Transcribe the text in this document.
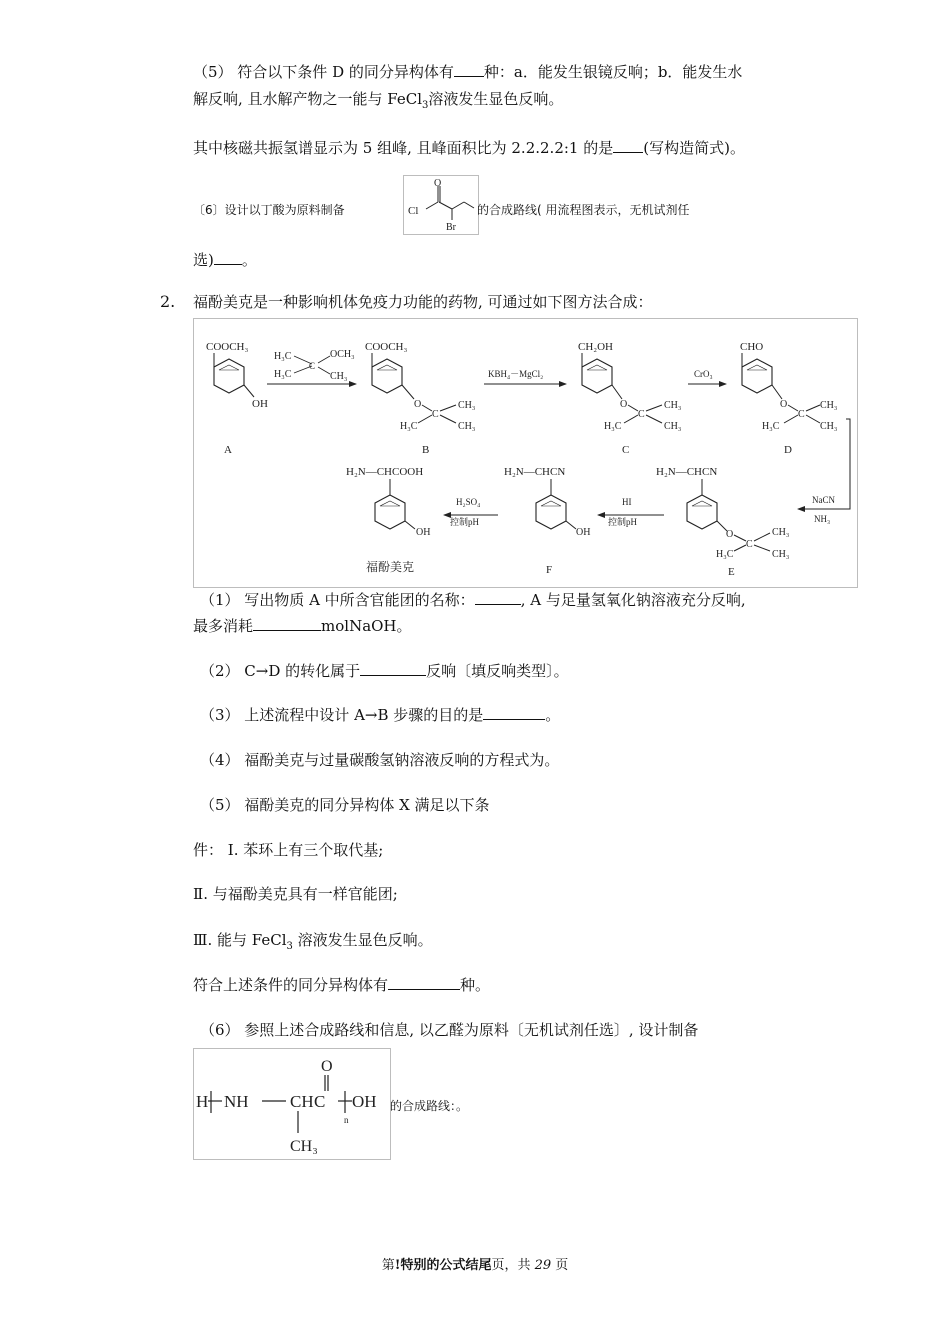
（5） 符合以下条件 D 的同分异构体有 种：a．能发生银镜反响；b．能发生水
解反响, 且水解产物之一能与 FeCl$_3$溶液发生显色反响。
其中核磁共振氢谱显示为 5 组峰, 且峰面积比为 2.2.2.2:1 的是 (写构造简式)。
〔6〕设计以丁酸为原料制备
O
Cl
Br
的合成路线( 用流程图表示，无机试剂任
选) 。
2. 福酚美克是一种影响机体免疫力功能的药物, 可通过如下图方法合成：
COOCH₃
OH
A
H₃C
H₃C
C
OCH₃
CH₃
COOCH₃
O
C
CH₃
CH₃
H₃C
B
KBH₄－MgCl₂
CH₂OH
O
C
CH₃
CH₃
H₃C
C
CrO₃
CHO
O
C
CH₃
CH₃
H₃C
D
NaCN
NH₃
H₂N—CHCN
O
C
CH₃
CH₃
H₃C
E
HI
控制pH
H₂N—CHCN
OH
F
H₂SO₄
控制pH
H₂N—CHCOOH
OH
福酚美克
（1） 写出物质 A 中所含官能团的名称：	, A 与足量氢氧化钠溶液充分反响,
最多消耗	molNaOH。
（2） C→D 的转化属于	反响〔填反响类型〕。
（3） 上述流程中设计 A→B 步骤的目的是	。
（4） 福酚美克与过量碳酸氢钠溶液反响的方程式为。
（5） 福酚美克的同分异构体 X 满足以下条
件： Ⅰ. 苯环上有三个取代基;
Ⅱ. 与福酚美克具有一样官能团;
Ⅲ. 能与 FeCl$_3$ 溶液发生显色反响。
符合上述条件的同分异构体有	种。
（6） 参照上述合成路线和信息, 以乙醛为原料〔无机试剂任选〕, 设计制备
H NH CH C
O
n
OH
CH₃
的合成路线：。
第!特别的公式结尾页，共 29 页
